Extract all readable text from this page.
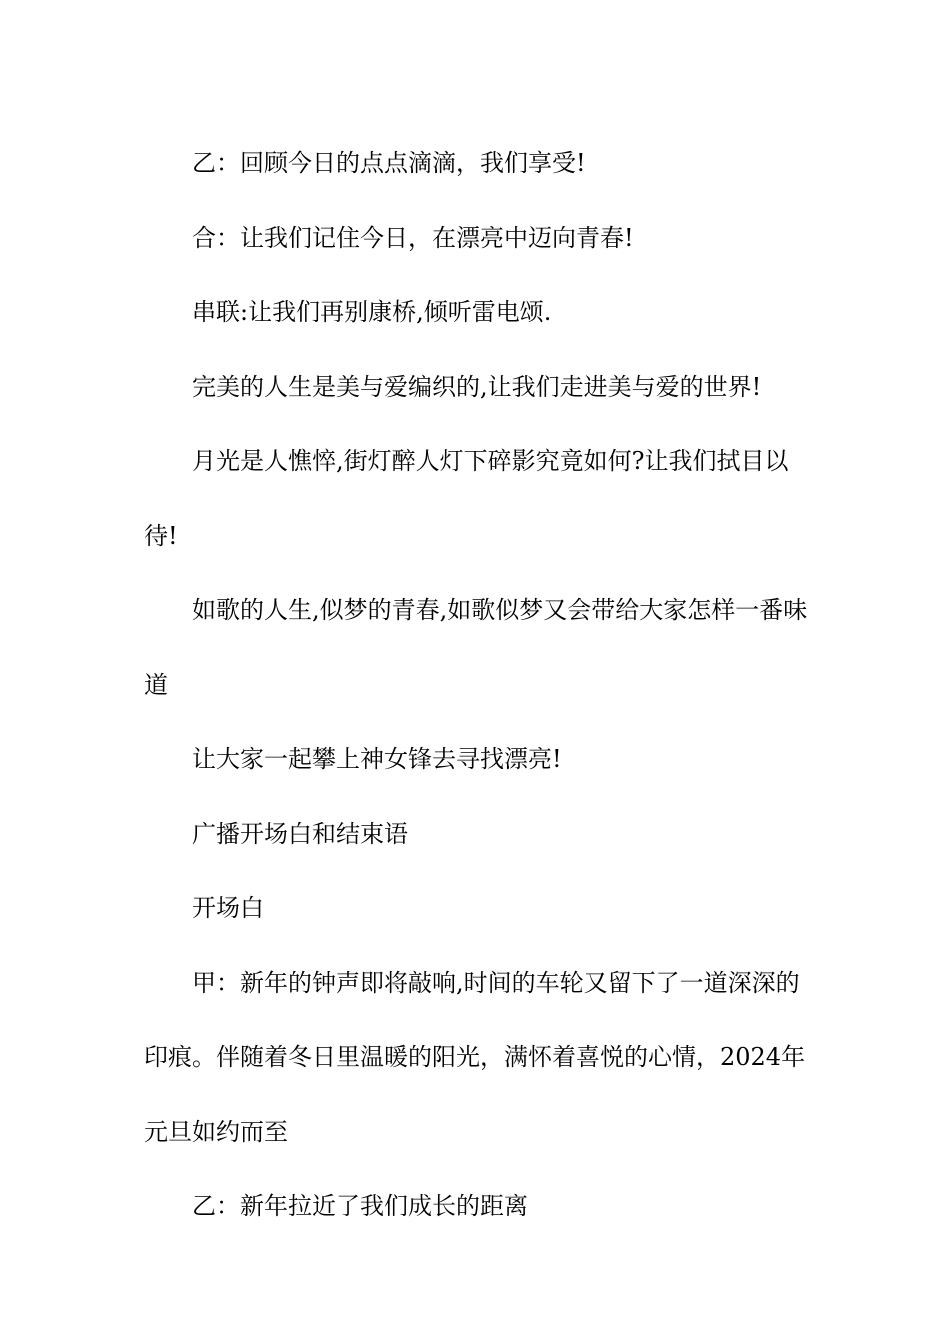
乙：回顾今日的点点滴滴，我们享受!

合：让我们记住今日，在漂亮中迈向青春!

串联:让我们再别康桥,倾听雷电颂.

完美的人生是美与爱编织的,让我们走进美与爱的世界!

月光是人憔悴,街灯醉人灯下碎影究竟如何?让我们拭目以待!

如歌的人生,似梦的青春,如歌似梦又会带给大家怎样一番味道

让大家一起攀上神女锋去寻找漂亮!

广播开场白和结束语

开场白

甲：新年的钟声即将敲响,时间的车轮又留下了一道深深的印痕。伴随着冬日里温暖的阳光，满怀着喜悦的心情，2024年元旦如约而至

乙：新年拉近了我们成长的距离
